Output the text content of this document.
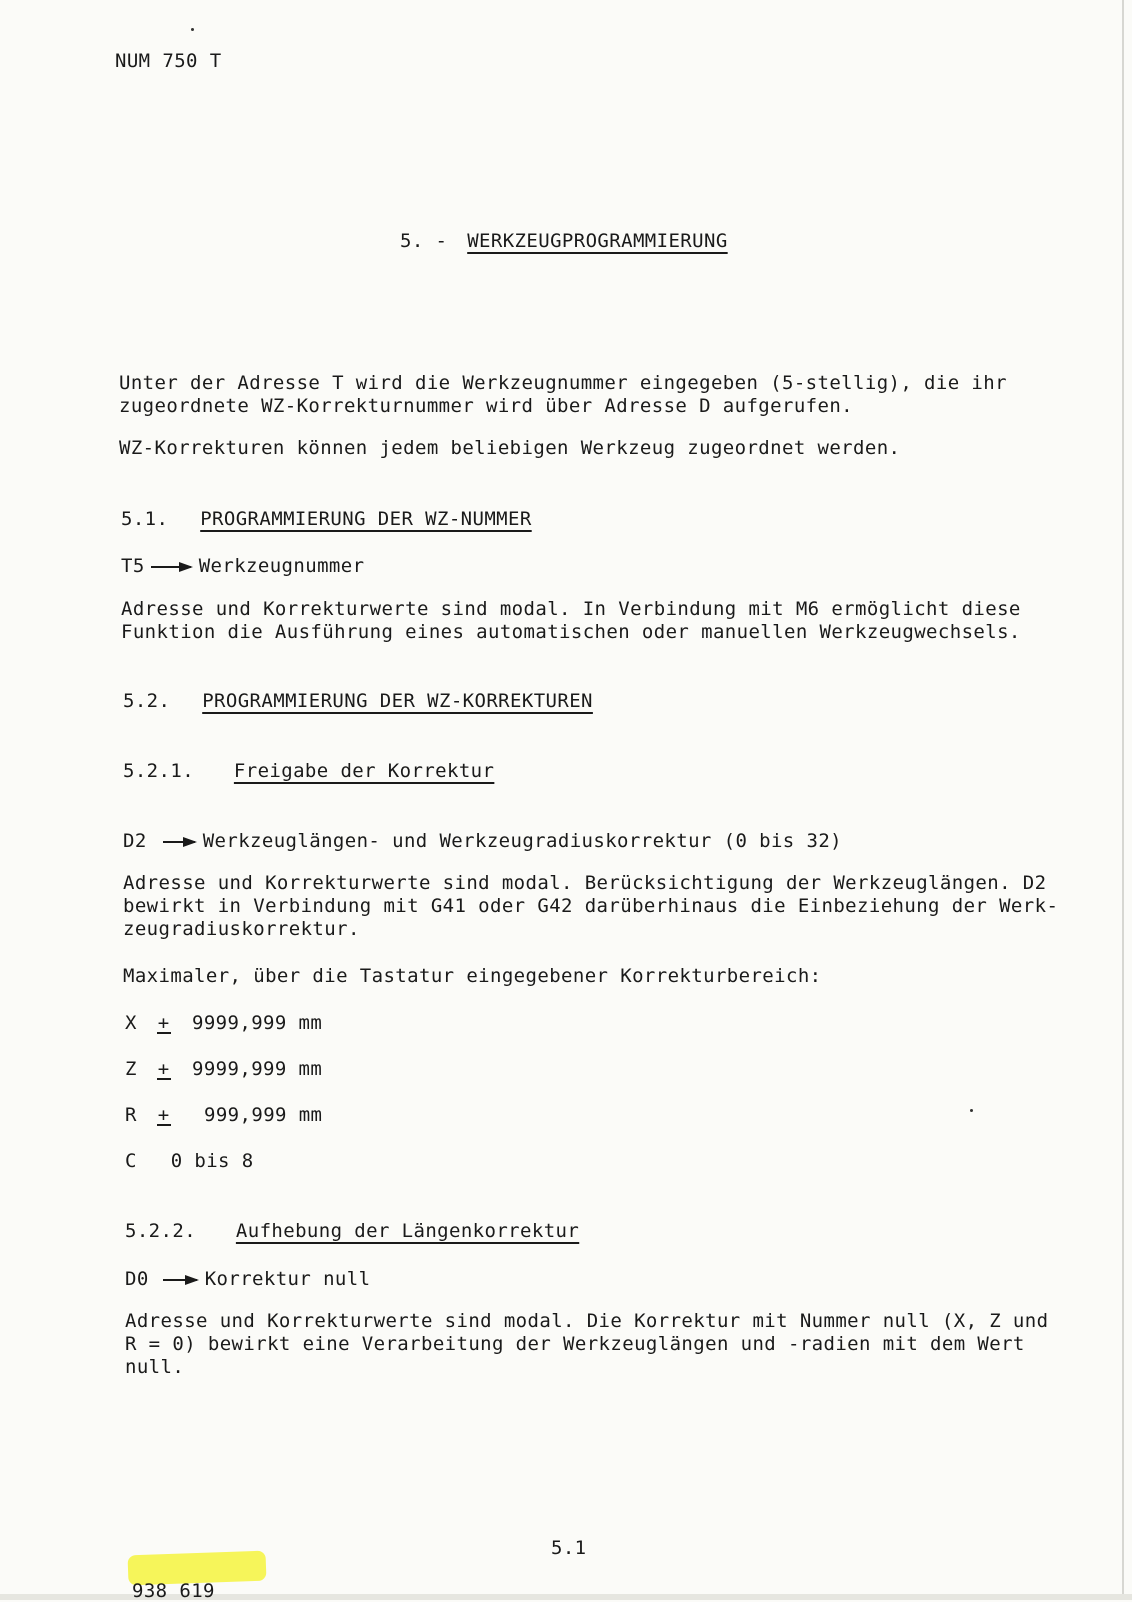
NUM 750 T
5. - WERKZEUGPROGRAMMIERUNG
Unter der Adresse T wird die Werkzeugnummer eingegeben (5-stellig), die ihr
zugeordnete WZ-Korrekturnummer wird über Adresse D aufgerufen.
WZ-Korrekturen können jedem beliebigen Werkzeug zugeordnet werden.
5.1. PROGRAMMIERUNG DER WZ-NUMMER
T5	Werkzeugnummer
Adresse und Korrekturwerte sind modal. In Verbindung mit M6 ermöglicht diese
Funktion die Ausführung eines automatischen oder manuellen Werkzeugwechsels.
5.2. PROGRAMMIERUNG DER WZ-KORREKTUREN
5.2.1. Freigabe der Korrektur
D2	Werkzeuglängen- und Werkzeugradiuskorrektur (0 bis 32)
Adresse und Korrekturwerte sind modal. Berücksichtigung der Werkzeuglängen. D2
bewirkt in Verbindung mit G41 oder G42 darüberhinaus die Einbeziehung der Werk-
zeugradiuskorrektur.
Maximaler, über die Tastatur eingegebener Korrekturbereich:
X + 9999,999 mm
Z + 9999,999 mm
R + 999,999 mm
C 0 bis 8
5.2.2. Aufhebung der Längenkorrektur
D0	Korrektur null
Adresse und Korrekturwerte sind modal. Die Korrektur mit Nummer null (X, Z und
R = 0) bewirkt eine Verarbeitung der Werkzeuglängen und -radien mit dem Wert
null.
5.1
938 619
